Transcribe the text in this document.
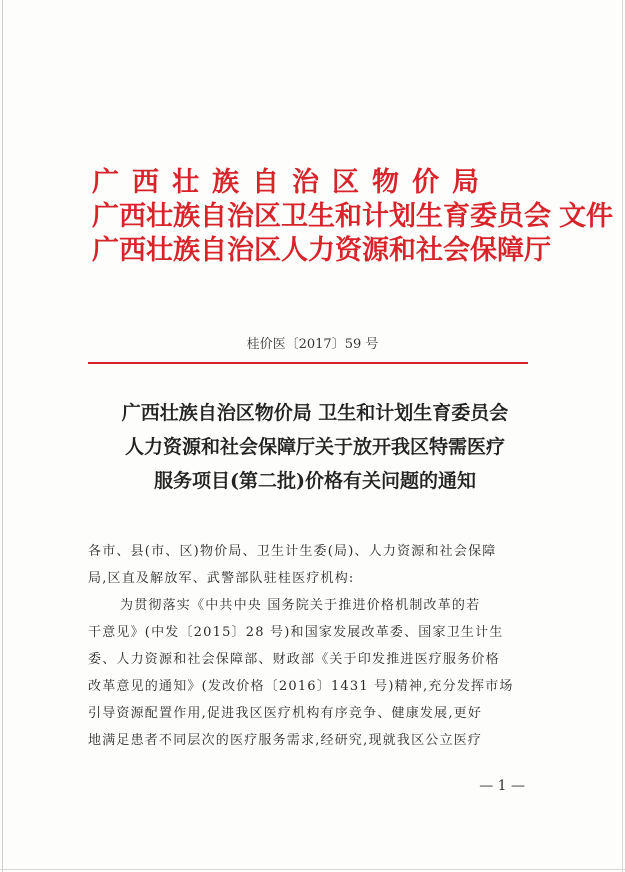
广西壮族自治区物价局
广西壮族自治区卫生和计划生育委员会 文件
广西壮族自治区人力资源和社会保障厅
桂价医〔2017〕59 号
广西壮族自治区物价局 卫生和计划生育委员会
人力资源和社会保障厅关于放开我区特需医疗
服务项目(第二批)价格有关问题的通知
各市、县(市、区)物价局、卫生计生委(局)、人力资源和社会保障
局,区直及解放军、武警部队驻桂医疗机构:
为贯彻落实《中共中央 国务院关于推进价格机制改革的若
干意见》(中发〔2015〕28 号)和国家发展改革委、国家卫生计生
委、人力资源和社会保障部、财政部《关于印发推进医疗服务价格
改革意见的通知》(发改价格〔2016〕1431 号)精神,充分发挥市场
引导资源配置作用,促进我区医疗机构有序竞争、健康发展,更好
地满足患者不同层次的医疗服务需求,经研究,现就我区公立医疗
— 1 —
